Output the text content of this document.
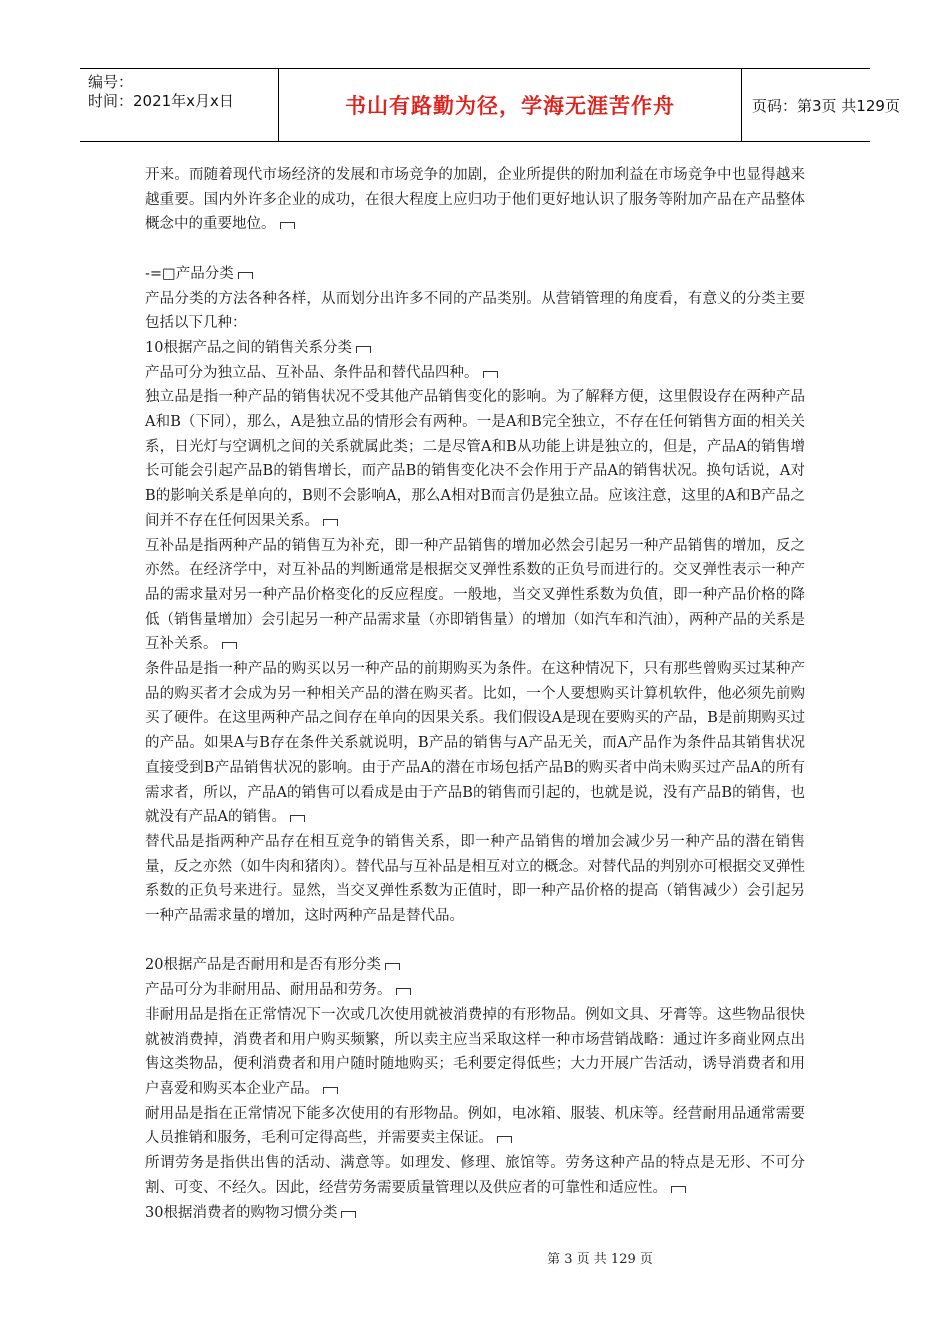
编号：
时间：2021年x月x日	书山有路勤为径，学海无涯苦作舟	页码：第3页 共129页

开来。而随着现代市场经济的发展和市场竞争的加剧，企业所提供的附加利益在市场竞争中也显得越来越重要。国内外许多企业的成功，在很大程度上应归功于他们更好地认识了服务等附加产品在产品整体概念中的重要地位。

-=□产品分类

产品分类的方法各种各样，从而划分出许多不同的产品类别。从营销管理的角度看，有意义的分类主要包括以下几种：

10根据产品之间的销售关系分类

产品可分为独立品、互补品、条件品和替代品四种。

独立品是指一种产品的销售状况不受其他产品销售变化的影响。为了解释方便，这里假设存在两种产品A和B（下同），那么，A是独立品的情形会有两种。一是A和B完全独立，不存在任何销售方面的相关关系，日光灯与空调机之间的关系就属此类；二是尽管A和B从功能上讲是独立的，但是，产品A的销售增长可能会引起产品B的销售增长，而产品B的销售变化决不会作用于产品A的销售状况。换句话说，A对B的影响关系是单向的，B则不会影响A，那么A相对B而言仍是独立品。应该注意，这里的A和B产品之间并不存在任何因果关系。

互补品是指两种产品的销售互为补充，即一种产品销售的增加必然会引起另一种产品销售的增加，反之亦然。在经济学中，对互补品的判断通常是根据交叉弹性系数的正负号而进行的。交叉弹性表示一种产品的需求量对另一种产品价格变化的反应程度。一般地，当交叉弹性系数为负值，即一种产品价格的降低（销售量增加）会引起另一种产品需求量（亦即销售量）的增加（如汽车和汽油），两种产品的关系是互补关系。

条件品是指一种产品的购买以另一种产品的前期购买为条件。在这种情况下，只有那些曾购买过某种产品的购买者才会成为另一种相关产品的潜在购买者。比如，一个人要想购买计算机软件，他必须先前购买了硬件。在这里两种产品之间存在单向的因果关系。我们假设A是现在要购买的产品，B是前期购买过的产品。如果A与B存在条件关系就说明，B产品的销售与A产品无关，而A产品作为条件品其销售状况直接受到B产品销售状况的影响。由于产品A的潜在市场包括产品B的购买者中尚未购买过产品A的所有需求者，所以，产品A的销售可以看成是由于产品B的销售而引起的，也就是说，没有产品B的销售，也就没有产品A的销售。

替代品是指两种产品存在相互竞争的销售关系，即一种产品销售的增加会减少另一种产品的潜在销售量，反之亦然（如牛肉和猪肉）。替代品与互补品是相互对立的概念。对替代品的判别亦可根据交叉弹性系数的正负号来进行。显然，当交叉弹性系数为正值时，即一种产品价格的提高（销售减少）会引起另一种产品需求量的增加，这时两种产品是替代品。

20根据产品是否耐用和是否有形分类

产品可分为非耐用品、耐用品和劳务。

非耐用品是指在正常情况下一次或几次使用就被消费掉的有形物品。例如文具、牙膏等。这些物品很快就被消费掉，消费者和用户购买频繁，所以卖主应当采取这样一种市场营销战略：通过许多商业网点出售这类物品，便利消费者和用户随时随地购买；毛利要定得低些；大力开展广告活动，诱导消费者和用户喜爱和购买本企业产品。

耐用品是指在正常情况下能多次使用的有形物品。例如，电冰箱、服装、机床等。经营耐用品通常需要人员推销和服务，毛利可定得高些，并需要卖主保证。

所谓劳务是指供出售的活动、满意等。如理发、修理、旅馆等。劳务这种产品的特点是无形、不可分割、可变、不经久。因此，经营劳务需要质量管理以及供应者的可靠性和适应性。

30根据消费者的购物习惯分类

第 3 页 共 129 页
